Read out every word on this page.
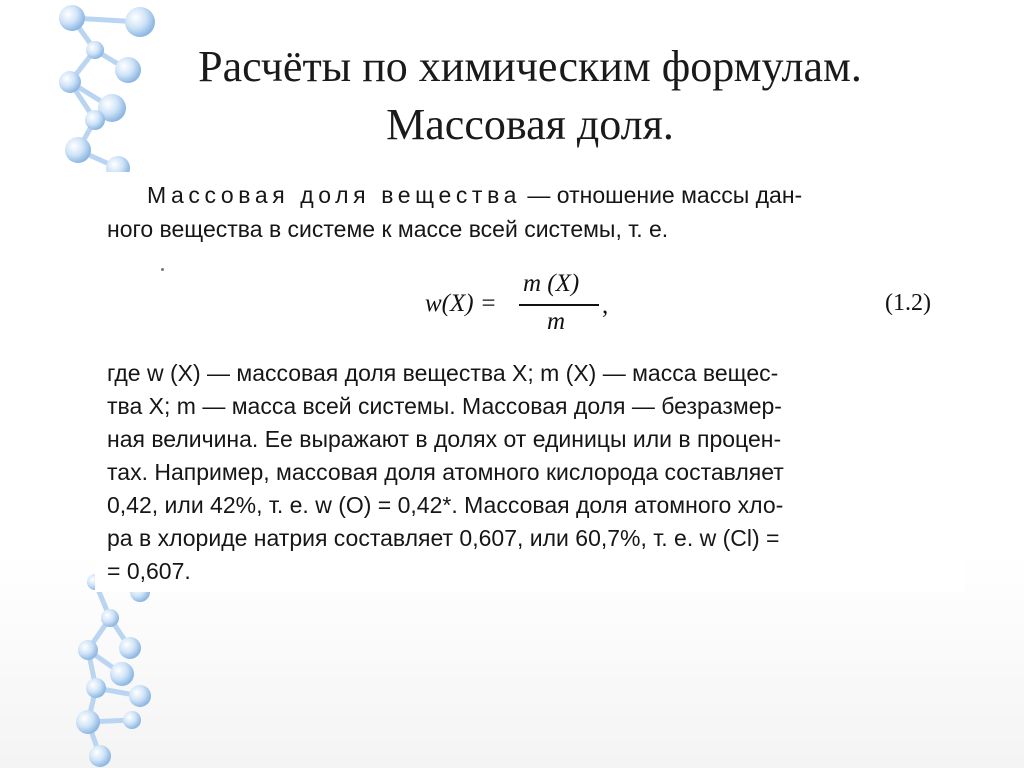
Расчёты по химическим формулам.
Массовая доля.

Массовая доля вещества — отношение массы дан-

ного вещества в системе к массе всей системы, т. е.

w(X) =
m (X)
m
,	(1.2)

где w (X) — массовая доля вещества X; m (X) — масса вещес-

тва X; m — масса всей системы. Массовая доля — безразмер-

ная величина. Ее выражают в долях от единицы или в процен-

тах. Например, массовая доля атомного кислорода составляет

0,42, или 42%, т. е. w (O) = 0,42*. Массовая доля атомного хло-

ра в хлориде натрия составляет 0,607, или 60,7%, т. е. w (Cl) =

= 0,607.
